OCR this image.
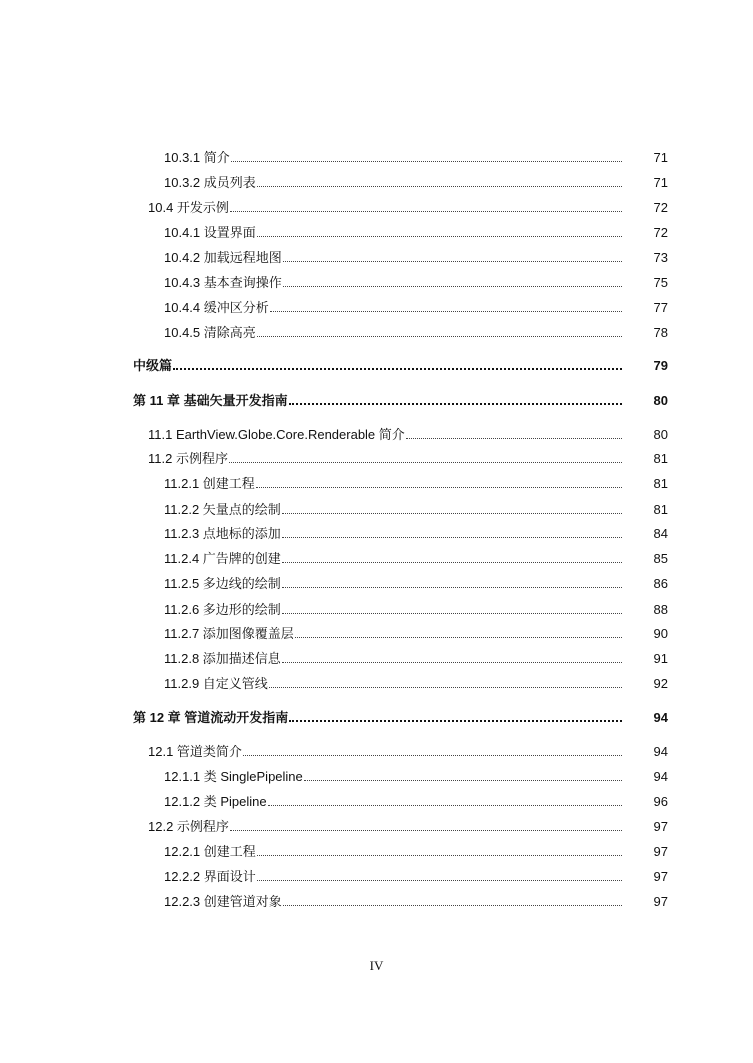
10.3.1 简介	71
10.3.2 成员列表	71
10.4 开发示例	72
10.4.1 设置界面	72
10.4.2 加载远程地图	73
10.4.3 基本查询操作	75
10.4.4 缓冲区分析	77
10.4.5 清除高亮	78
中级篇	79
第 11 章 基础矢量开发指南	80
11.1 EarthView.Globe.Core.Renderable 简介	80
11.2 示例程序	81
11.2.1 创建工程	81
11.2.2 矢量点的绘制	81
11.2.3 点地标的添加	84
11.2.4 广告牌的创建	85
11.2.5 多边线的绘制	86
11.2.6 多边形的绘制	88
11.2.7 添加图像覆盖层	90
11.2.8 添加描述信息	91
11.2.9 自定义管线	92
第 12 章 管道流动开发指南	94
12.1 管道类简介	94
12.1.1 类 SinglePipeline	94
12.1.2 类 Pipeline	96
12.2 示例程序	97
12.2.1 创建工程	97
12.2.2 界面设计	97
12.2.3 创建管道对象	97
IV
